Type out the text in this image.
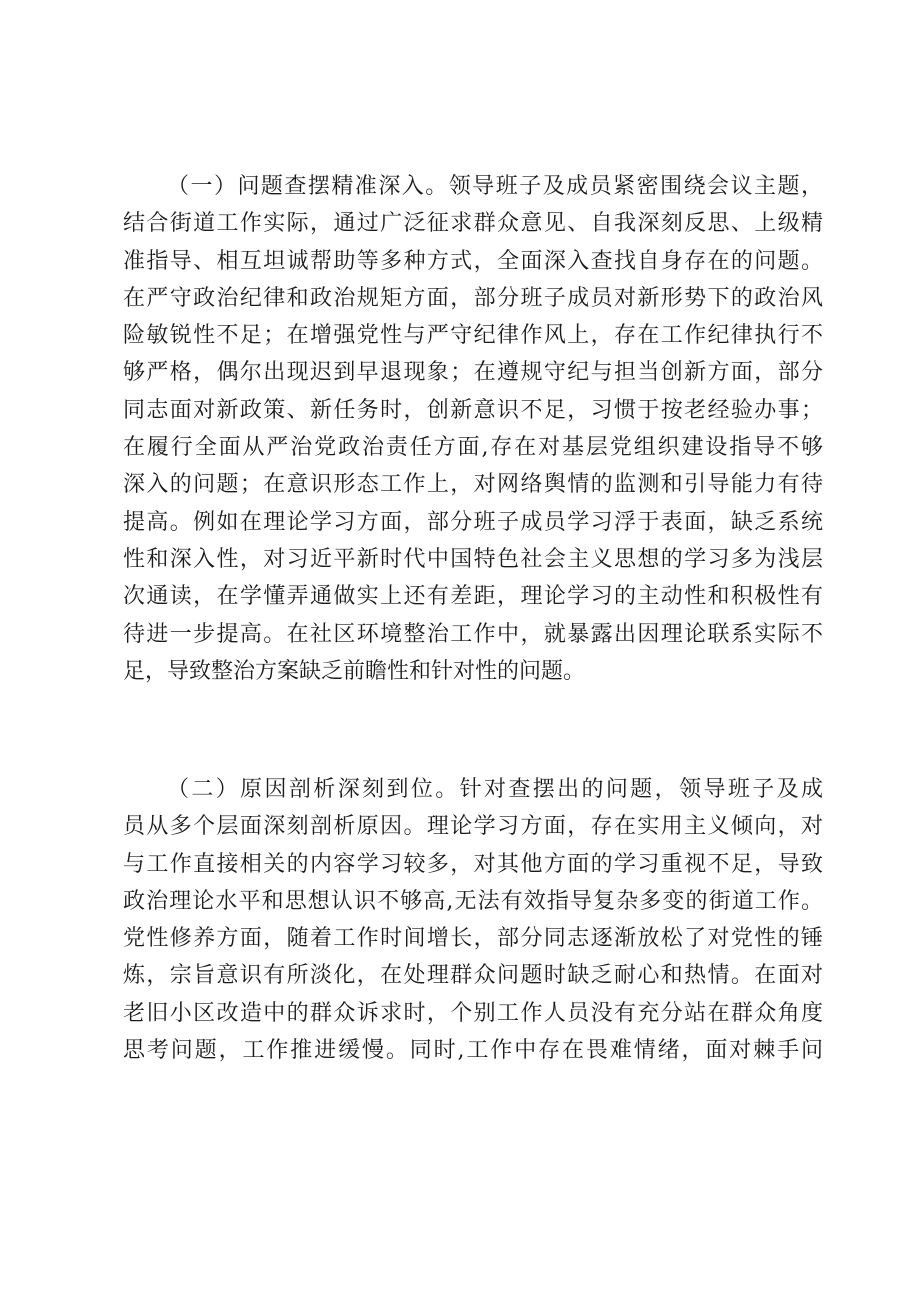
（一）问题查摆精准深入。领导班子及成员紧密围绕会议主题，
结合街道工作实际，通过广泛征求群众意见、自我深刻反思、上级精
准指导、相互坦诚帮助等多种方式，全面深入查找自身存在的问题。
在严守政治纪律和政治规矩方面，部分班子成员对新形势下的政治风
险敏锐性不足；在增强党性与严守纪律作风上，存在工作纪律执行不
够严格，偶尔出现迟到早退现象；在遵规守纪与担当创新方面，部分
同志面对新政策、新任务时，创新意识不足，习惯于按老经验办事；
在履行全面从严治党政治责任方面,存在对基层党组织建设指导不够
深入的问题；在意识形态工作上，对网络舆情的监测和引导能力有待
提高。例如在理论学习方面，部分班子成员学习浮于表面，缺乏系统
性和深入性，对习近平新时代中国特色社会主义思想的学习多为浅层
次通读，在学懂弄通做实上还有差距，理论学习的主动性和积极性有
待进一步提高。在社区环境整治工作中，就暴露出因理论联系实际不
足，导致整治方案缺乏前瞻性和针对性的问题。
（二）原因剖析深刻到位。针对查摆出的问题，领导班子及成
员从多个层面深刻剖析原因。理论学习方面，存在实用主义倾向，对
与工作直接相关的内容学习较多，对其他方面的学习重视不足，导致
政治理论水平和思想认识不够高,无法有效指导复杂多变的街道工作。
党性修养方面，随着工作时间增长，部分同志逐渐放松了对党性的锤
炼，宗旨意识有所淡化，在处理群众问题时缺乏耐心和热情。在面对
老旧小区改造中的群众诉求时，个别工作人员没有充分站在群众角度
思考问题，工作推进缓慢。同时,工作中存在畏难情绪，面对棘手问
